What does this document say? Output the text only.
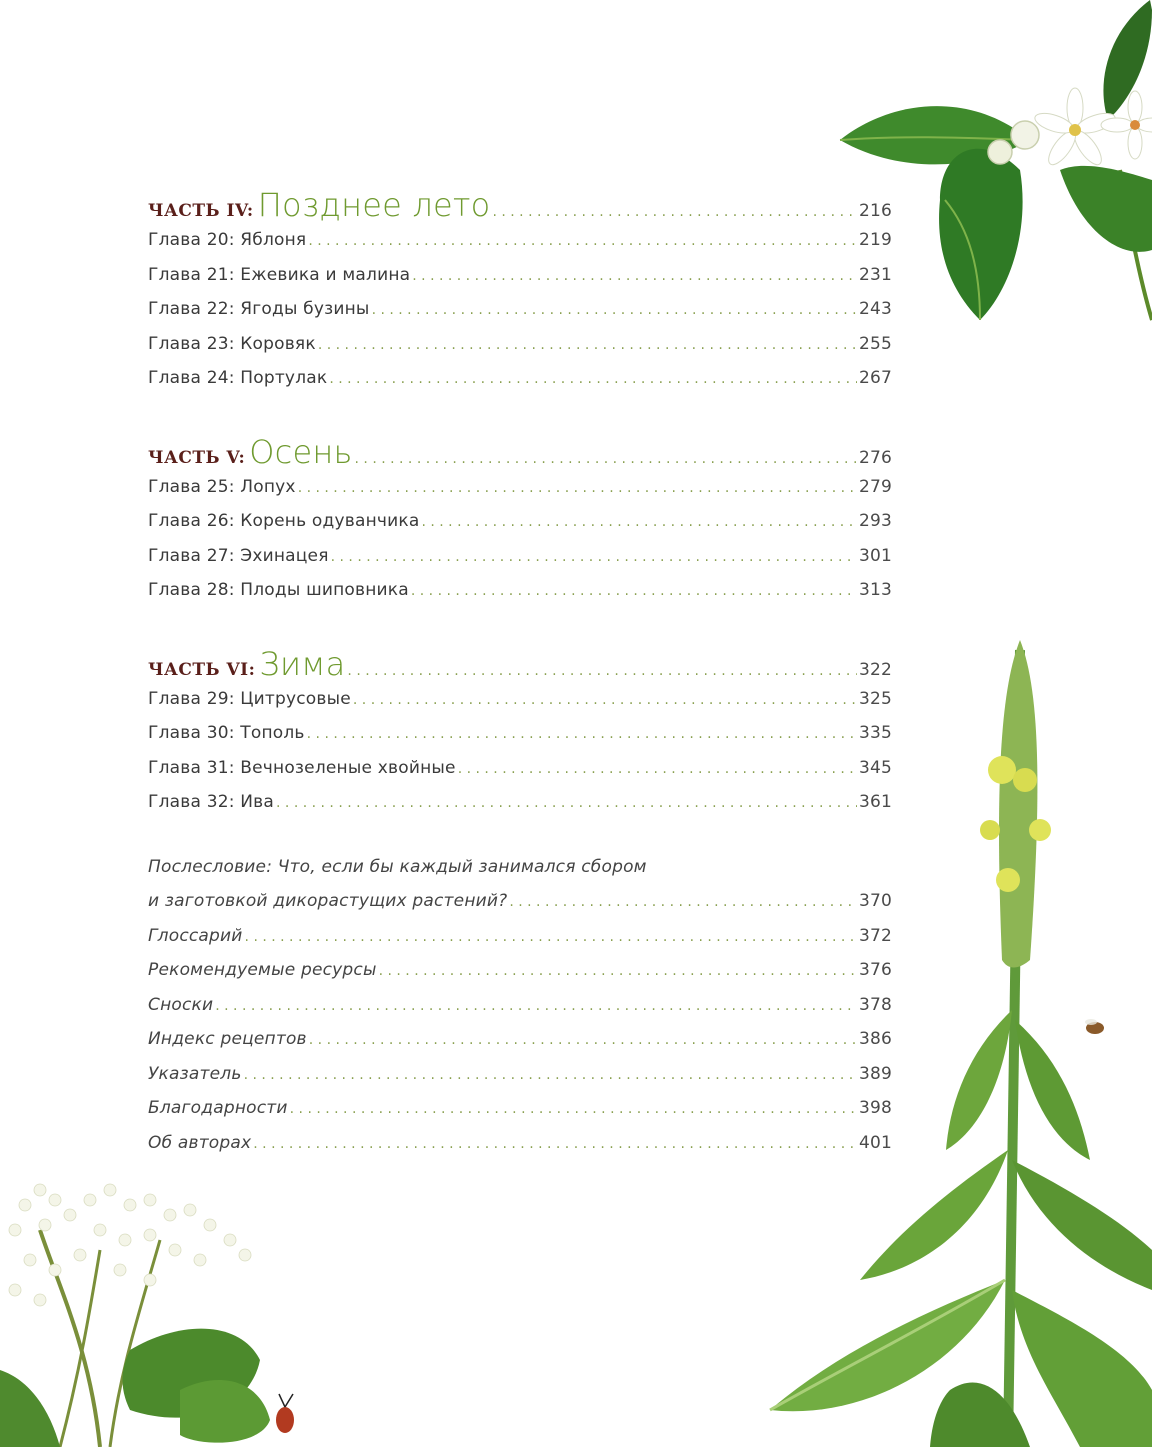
ЧАСТЬ IV: Позднее лето . . .	216
Глава 20: Яблоня . . .	219
Глава 21: Ежевика и малина . . .	231
Глава 22: Ягоды бузины . . .	243
Глава 23: Коровяк . . .	255
Глава 24: Портулак . . .	267
ЧАСТЬ V: Осень . . .	276
Глава 25: Лопух . . .	279
Глава 26: Корень одуванчика . . .	293
Глава 27: Эхинацея . . .	301
Глава 28: Плоды шиповника . . .	313
ЧАСТЬ VI: Зима . . .	322
Глава 29: Цитрусовые . . .	325
Глава 30: Тополь . . .	335
Глава 31: Вечнозеленые хвойные . . .	345
Глава 32: Ива . . .	361
Послесловие: Что, если бы каждый занимался сбором
и заготовкой дикорастущих растений? . . .	370
Глоссарий . . .	372
Рекомендуемые ресурсы . . .	376
Сноски . . .	378
Индекс рецептов . . .	386
Указатель . . .	389
Благодарности . . .	398
Об авторах . . .	401
